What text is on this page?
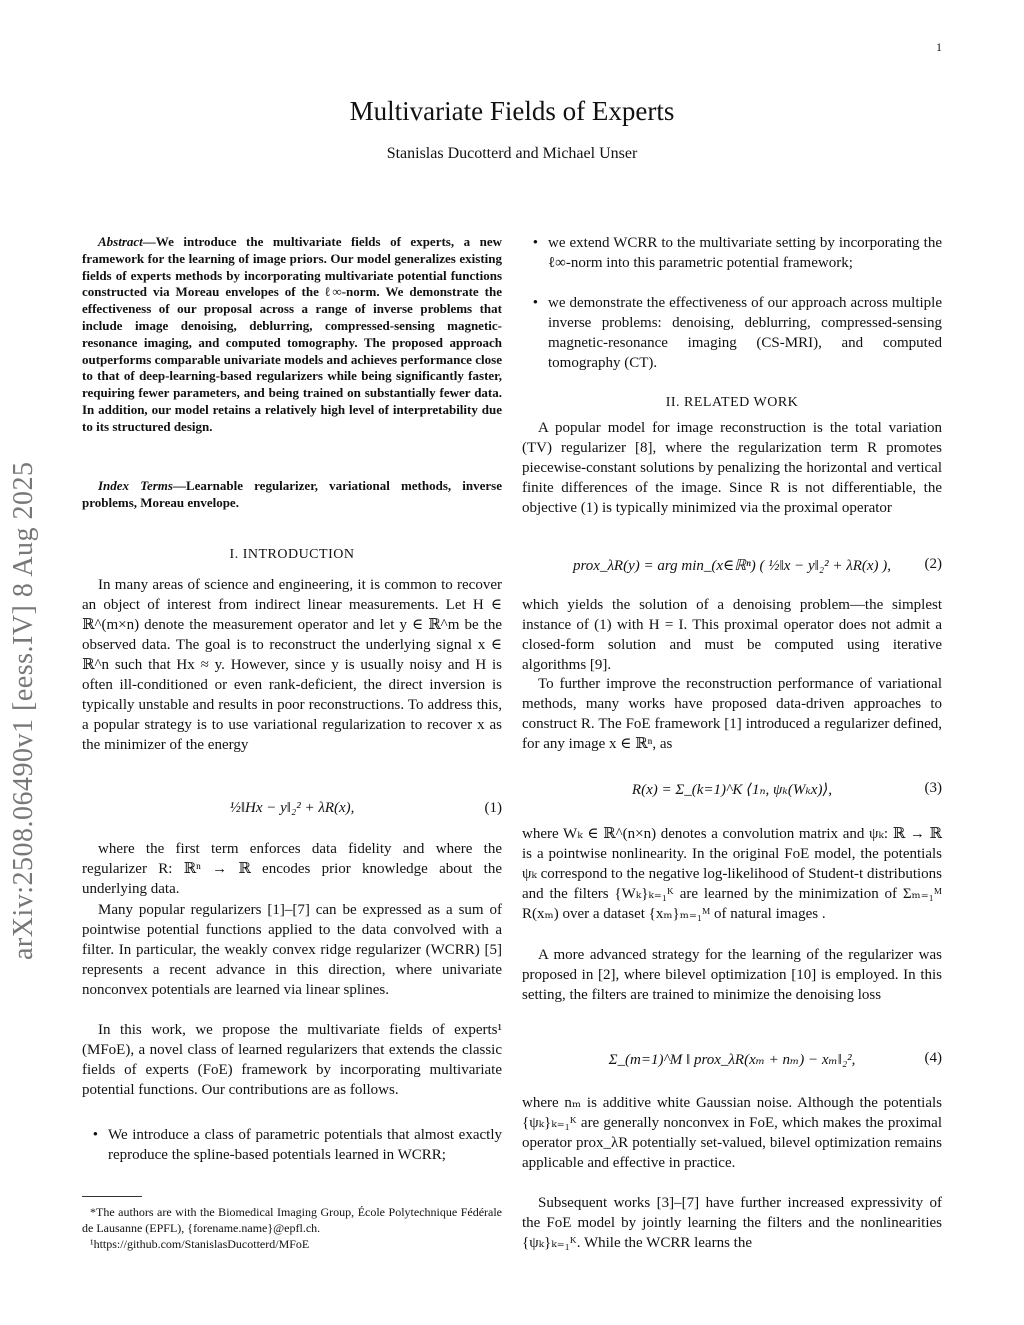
1
arXiv:2508.06490v1 [eess.IV] 8 Aug 2025
Multivariate Fields of Experts
Stanislas Ducotterd and Michael Unser
Abstract—We introduce the multivariate fields of experts, a new framework for the learning of image priors. Our model generalizes existing fields of experts methods by incorporating multivariate potential functions constructed via Moreau envelopes of the ℓ∞-norm. We demonstrate the effectiveness of our proposal across a range of inverse problems that include image denoising, deblurring, compressed-sensing magnetic-resonance imaging, and computed tomography. The proposed approach outperforms comparable univariate models and achieves performance close to that of deep-learning-based regularizers while being significantly faster, requiring fewer parameters, and being trained on substantially fewer data. In addition, our model retains a relatively high level of interpretability due to its structured design.
Index Terms—Learnable regularizer, variational methods, inverse problems, Moreau envelope.
I. INTRODUCTION

In many areas of science and engineering, it is common to recover an object of interest from indirect linear measurements. Let H ∈ ℝ^(m×n) denote the measurement operator and let y ∈ ℝ^m be the observed data. The goal is to reconstruct the underlying signal x ∈ ℝ^n such that Hx ≈ y. However, since y is usually noisy and H is often ill-conditioned or even rank-deficient, the direct inversion is typically unstable and results in poor reconstructions. To address this, a popular strategy is to use variational regularization to recover x as the minimizer of the energy

½‖Hx − y‖₂² + λR(x),	(1)

where the first term enforces data fidelity and where the regularizer R: ℝⁿ → ℝ encodes prior knowledge about the underlying data.

Many popular regularizers [1]–[7] can be expressed as a sum of pointwise potential functions applied to the data convolved with a filter. In particular, the weakly convex ridge regularizer (WCRR) [5] represents a recent advance in this direction, where univariate nonconvex potentials are learned via linear splines.

In this work, we propose the multivariate fields of experts¹ (MFoE), a novel class of learned regularizers that extends the classic fields of experts (FoE) framework by incorporating multivariate potential functions. Our contributions are as follows.

• We introduce a class of parametric potentials that almost exactly reproduce the spline-based potentials learned in WCRR;
*The authors are with the Biomedical Imaging Group, École Polytechnique Fédérale de Lausanne (EPFL), {forename.name}@epfl.ch.
¹https://github.com/StanislasDucotterd/MFoE
• we extend WCRR to the multivariate setting by incorporating the ℓ∞-norm into this parametric potential framework;
• we demonstrate the effectiveness of our approach across multiple inverse problems: denoising, deblurring, compressed-sensing magnetic-resonance imaging (CS-MRI), and computed tomography (CT).
II. RELATED WORK

A popular model for image reconstruction is the total variation (TV) regularizer [8], where the regularization term R promotes piecewise-constant solutions by penalizing the horizontal and vertical finite differences of the image. Since R is not differentiable, the objective (1) is typically minimized via the proximal operator

prox_λR(y) = arg min_(x∈ℝⁿ) ( ½‖x − y‖₂² + λR(x) ), (2)

which yields the solution of a denoising problem—the simplest instance of (1) with H = I. This proximal operator does not admit a closed-form solution and must be computed using iterative algorithms [9].

To further improve the reconstruction performance of variational methods, many works have proposed data-driven approaches to construct R. The FoE framework [1] introduced a regularizer defined, for any image x ∈ ℝⁿ, as

R(x) = Σ_(k=1)^K ⟨1ₙ, ψₖ(Wₖx)⟩,	(3)

where Wₖ ∈ ℝ^(n×n) denotes a convolution matrix and ψₖ: ℝ → ℝ is a pointwise nonlinearity. In the original FoE model, the potentials ψₖ correspond to the negative log-likelihood of Student-t distributions and the filters {Wₖ}ₖ₌₁ᴷ are learned by the minimization of Σₘ₌₁ᴹ R(xₘ) over a dataset {xₘ}ₘ₌₁ᴹ of natural images .

A more advanced strategy for the learning of the regularizer was proposed in [2], where bilevel optimization [10] is employed. In this setting, the filters are trained to minimize the denoising loss

Σ_(m=1)^M ‖ prox_λR(xₘ + nₘ) − xₘ‖₂²,	(4)

where nₘ is additive white Gaussian noise. Although the potentials {ψₖ}ₖ₌₁ᴷ are generally nonconvex in FoE, which makes the proximal operator prox_λR potentially set-valued, bilevel optimization remains applicable and effective in practice.

Subsequent works [3]–[7] have further increased expressivity of the FoE model by jointly learning the filters and the nonlinearities {ψₖ}ₖ₌₁ᴷ. While the WCRR learns the
